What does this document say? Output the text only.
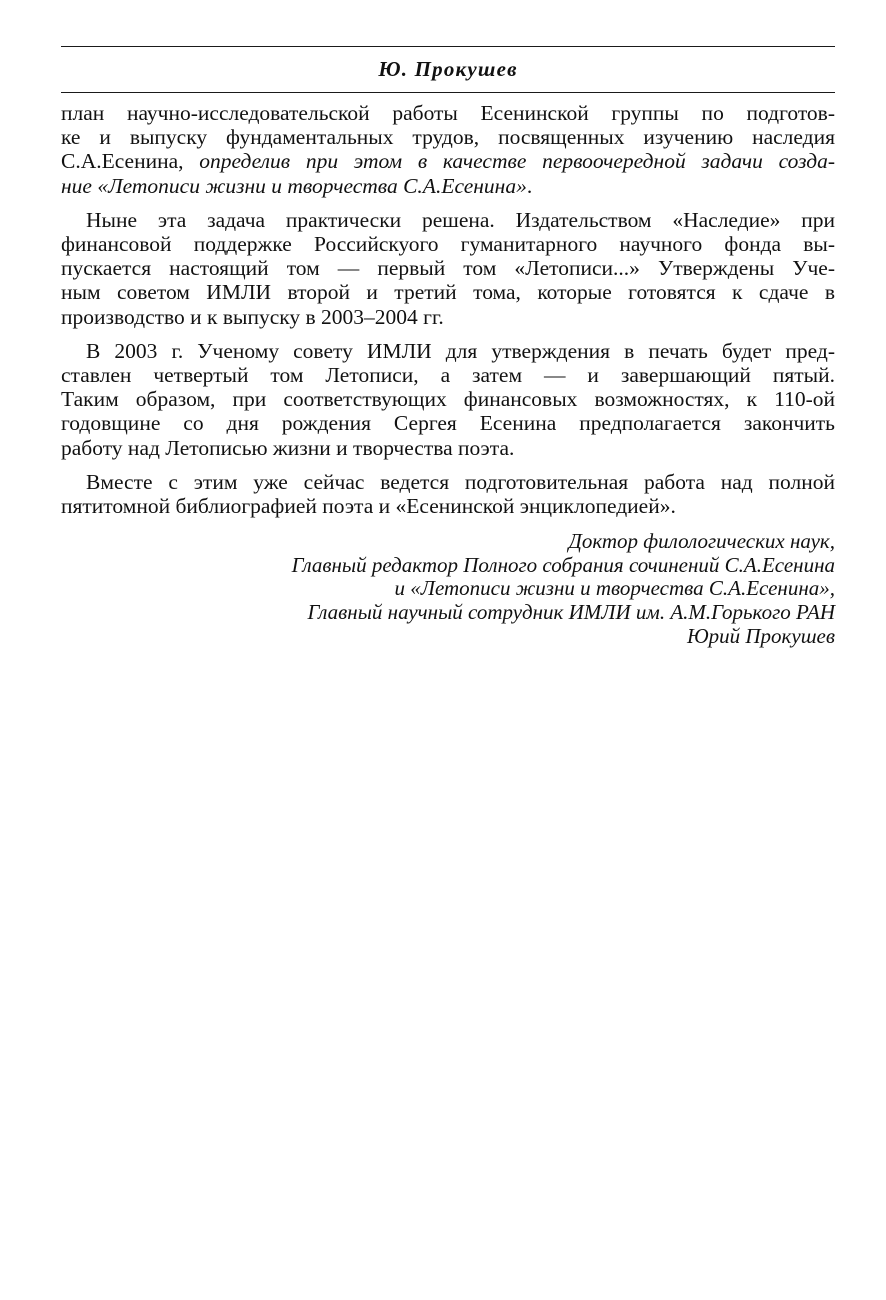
Ю. Прокушев

план научно-исследовательской работы Есенинской группы по подготов-
ке и выпуску фундаментальных трудов, посвященных изучению наследия
С.А.Есенина, определив при этом в качестве первоочередной задачи созда-
ние «Летописи жизни и творчества С.А.Есенина».

Ныне эта задача практически решена. Издательством «Наследие» при
финансовой поддержке Российскуого гуманитарного научного фонда вы-
пускается настоящий том — первый том «Летописи...» Утверждены Уче-
ным советом ИМЛИ второй и третий тома, которые готовятся к сдаче в
производство и к выпуску в 2003–2004 гг.

В 2003 г. Ученому совету ИМЛИ для утверждения в печать будет пред-
ставлен четвертый том Летописи, а затем — и завершающий пятый.
Таким образом, при соответствующих финансовых возможностях, к 110-ой
годовщине со дня рождения Сергея Есенина предполагается закончить
работу над Летописью жизни и творчества поэта.

Вместе с этим уже сейчас ведется подготовительная работа над полной
пятитомной библиографией поэта и «Есенинской энциклопедией».

Доктор филологических наук,
Главный редактор Полного собрания сочинений С.А.Есенина
и «Летописи жизни и творчества С.А.Есенина»,
Главный научный сотрудник ИМЛИ им. А.М.Горького РАН
Юрий Прокушев
